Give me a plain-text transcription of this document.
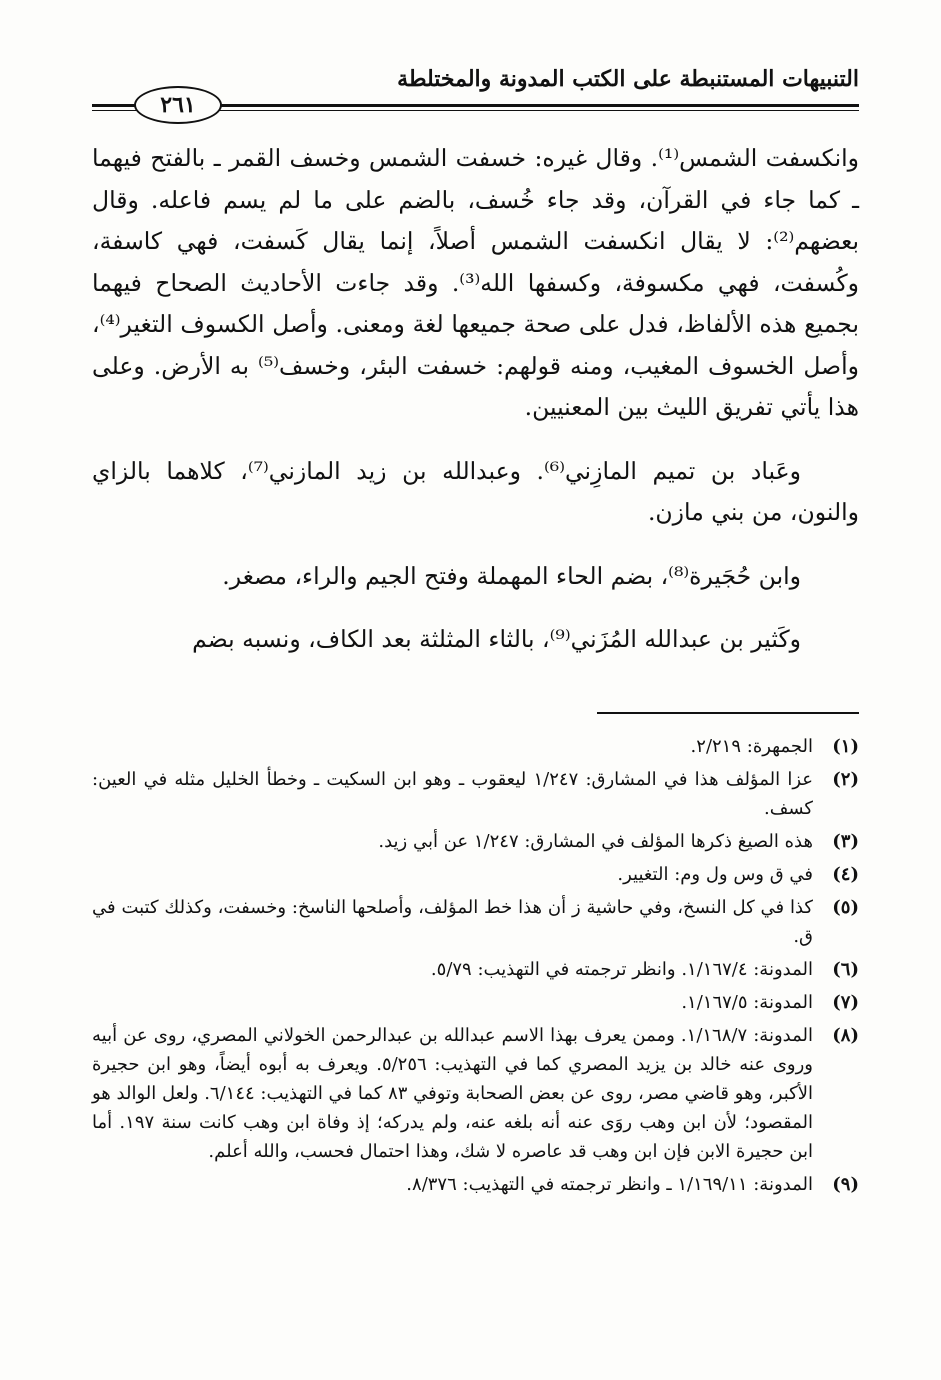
التنبيهات المستنبطة على الكتب المدونة والمختلطة
٢٦١

وانكسفت الشمس⁽¹⁾. وقال غيره: خسفت الشمس وخسف القمر ـ بالفتح فيهما ـ كما جاء في القرآن، وقد جاء خُسف، بالضم على ما لم يسم فاعله. وقال بعضهم⁽²⁾: لا يقال انكسفت الشمس أصلاً، إنما يقال كَسفت، فهي كاسفة، وكُسفت، فهي مكسوفة، وكسفها الله⁽³⁾. وقد جاءت الأحاديث الصحاح فيهما بجميع هذه الألفاظ، فدل على صحة جميعها لغة ومعنى. وأصل الكسوف التغير⁽⁴⁾، وأصل الخسوف المغيب، ومنه قولهم: خسفت البئر، وخسف⁽⁵⁾ به الأرض. وعلى هذا يأتي تفريق الليث بين المعنيين.

وعَباد بن تميم المازِني⁽⁶⁾. وعبدالله بن زيد المازني⁽⁷⁾، كلاهما بالزاي والنون، من بني مازن.

وابن حُجَيرة⁽⁸⁾، بضم الحاء المهملة وفتح الجيم والراء، مصغر.

وكَثير بن عبدالله المُزَني⁽⁹⁾، بالثاء المثلثة بعد الكاف، ونسبه بضم

(١)
الجمهرة: ٢/٢١٩.
(٢)
عزا المؤلف هذا في المشارق: ١/٢٤٧ ليعقوب ـ وهو ابن السكيت ـ وخطأ الخليل مثله في العين: كسف.
(٣)
هذه الصيغ ذكرها المؤلف في المشارق: ١/٢٤٧ عن أبي زيد.
(٤)
في ق وس ول وم: التغيير.
(٥)
كذا في كل النسخ، وفي حاشية ز أن هذا خط المؤلف، وأصلحها الناسخ: وخسفت، وكذلك كتبت في ق.
(٦)
المدونة: ١/١٦٧/٤. وانظر ترجمته في التهذيب: ٥/٧٩.
(٧)
المدونة: ١/١٦٧/٥.
(٨)
المدونة: ١/١٦٨/٧. وممن يعرف بهذا الاسم عبدالله بن عبدالرحمن الخولاني المصري، روى عن أبيه وروى عنه خالد بن يزيد المصري كما في التهذيب: ٥/٢٥٦. ويعرف به أبوه أيضاً، وهو ابن حجيرة الأكبر، وهو قاضي مصر، روى عن بعض الصحابة وتوفي ٨٣ كما في التهذيب: ٦/١٤٤. ولعل الوالد هو المقصود؛ لأن ابن وهب روَى عنه أنه بلغه عنه، ولم يدركه؛ إذ وفاة ابن وهب كانت سنة ١٩٧. أما ابن حجيرة الابن فإن ابن وهب قد عاصره لا شك، وهذا احتمال فحسب، والله أعلم.
(٩)
المدونة: ١/١٦٩/١١ ـ وانظر ترجمته في التهذيب: ٨/٣٧٦.
